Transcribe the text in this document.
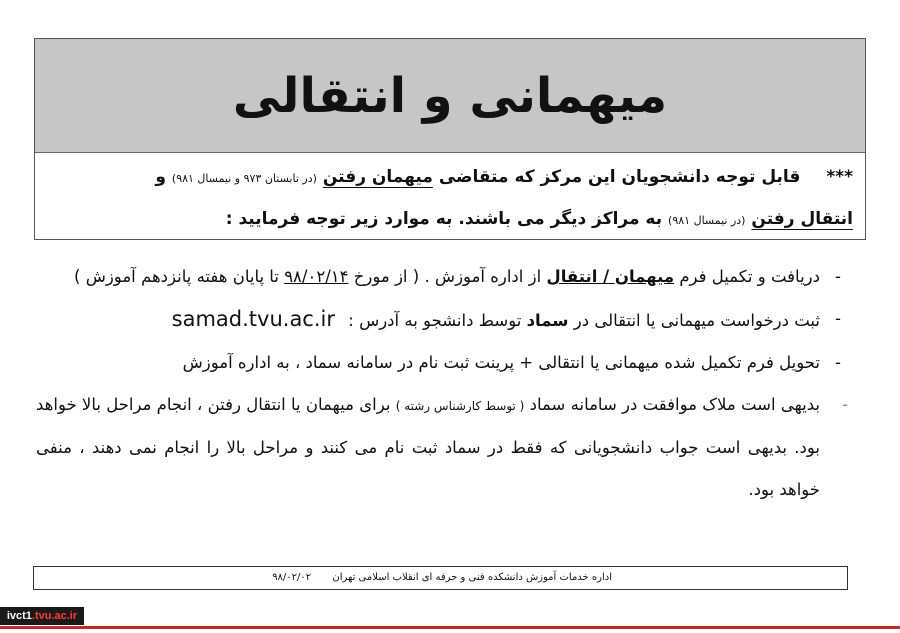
میهمانی و انتقالی
*** قابل توجه دانشجویان این مرکز که متقاضی میهمان رفتن (در تابستان ۹۷۳ و نیمسال ۹۸۱) و
انتقال رفتن (در نیمسال ۹۸۱) به مراکز دیگر می باشند. به موارد زیر توجه فرمایید :
-
دریافت و تکمیل فرم میهمان / انتقال از اداره آموزش . ( از مورخ ۹۸/۰۲/۱۴ تا پایان هفته پانزدهم آموزش )
-
ثبت درخواست میهمانی یا انتقالی در سماد توسط دانشجو به آدرس : samad.tvu.ac.ir
-
تحویل فرم تکمیل شده میهمانی یا انتقالی + پرینت ثبت نام در سامانه سماد ، به اداره آموزش
-
بدیهی است ملاک موافقت در سامانه سماد ( توسط کارشناس رشته ) برای میهمان یا انتقال رفتن ، انجام مراحل بالا خواهد بود. بدیهی است جواب دانشجویانی که فقط در سماد ثبت نام می کنند و مراحل بالا را انجام نمی دهند ، منفی خواهد بود.
اداره خدمات آموزش دانشکده فنی و حرفه ای انقلاب اسلامی تهران ۹۸/۰۲/۰۲
ivct1.tvu.ac.ir
